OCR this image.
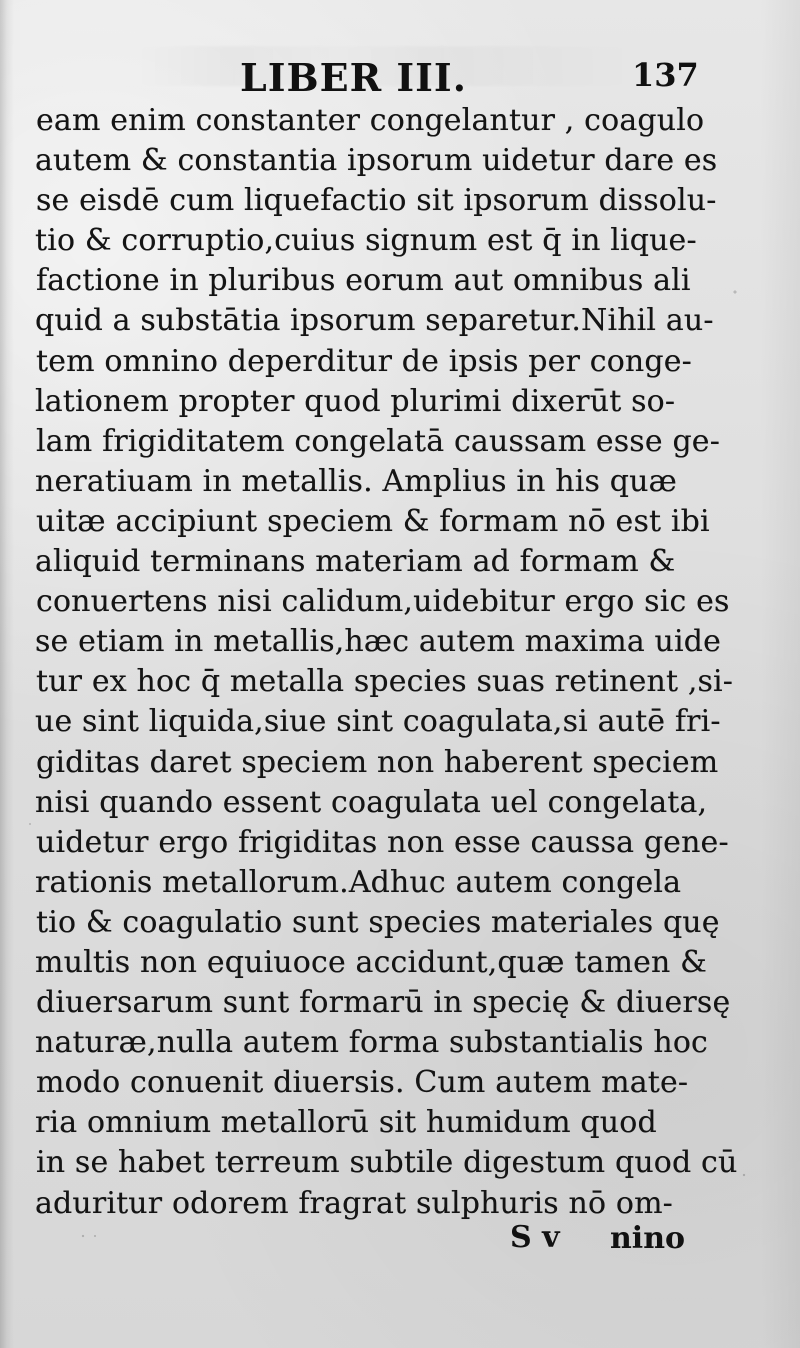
LIBER III.	137
eam enim constanter congelantur , coagulo
autem & constantia ipsorum uidetur dare es
se eisdē cum liquefactio sit ipsorum dissolu-
tio & corruptio,cuius signum est q̄ in lique-
factione in pluribus eorum aut omnibus ali
quid a substātia ipsorum separetur.Nihil au-
tem omnino deperditur de ipsis per conge-
lationem propter quod plurimi dixerūt so-
lam frigiditatem congelatā caussam esse ge-
neratiuam in metallis. Amplius in his quæ
uitæ accipiunt speciem & formam nō est ibi
aliquid terminans materiam ad formam &
conuertens nisi calidum,uidebitur ergo sic es
se etiam in metallis,hæc autem maxima uide
tur ex hoc q̄ metalla species suas retinent ,si-
ue sint liquida,siue sint coagulata,si autē fri-
giditas daret speciem non haberent speciem
nisi quando essent coagulata uel congelata,
uidetur ergo frigiditas non esse caussa gene-
rationis metallorum.Adhuc autem congela
tio & coagulatio sunt species materiales quę
multis non equiuoce accidunt,quæ tamen &
diuersarum sunt formarū in specię & diuersę
naturæ,nulla autem forma substantialis hoc
modo conuenit diuersis. Cum autem mate-
ria omnium metallorū sit humidum quod
in se habet terreum subtile digestum quod cū
aduritur odorem fragrat sulphuris nō om-
S v nino
